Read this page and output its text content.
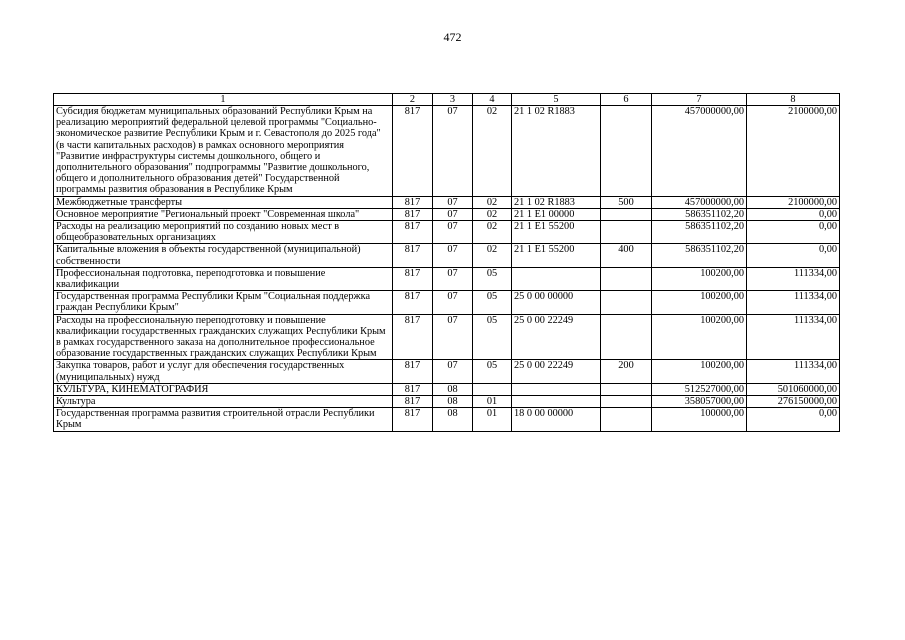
472
1	2	3	4	5	6	7	8
Субсидия бюджетам муниципальных образований Республики Крым на реализацию мероприятий федеральной целевой программы "Социально-экономическое развитие Республики Крым и г. Севастополя до 2025 года" (в части капитальных расходов) в рамках основного мероприятия "Развитие инфраструктуры системы дошкольного, общего и дополнительного образования" подпрограммы "Развитие дошкольного, общего и дополнительного образования детей" Государственной программы развития образования в Республике Крым	817	07	02	21 1 02 R1883		457000000,00	2100000,00
Межбюджетные трансферты	817	07	02	21 1 02 R1883	500	457000000,00	2100000,00
Основное мероприятие "Региональный проект "Современная школа"	817	07	02	21 1 E1 00000		586351102,20	0,00
Расходы на реализацию мероприятий по созданию новых мест в общеобразовательных организациях	817	07	02	21 1 E1 55200		586351102,20	0,00
Капитальные вложения в объекты государственной (муниципальной) собственности	817	07	02	21 1 E1 55200	400	586351102,20	0,00
Профессиональная подготовка, переподготовка и повышение квалификации	817	07	05			100200,00	111334,00
Государственная программа Республики Крым "Социальная поддержка граждан Республики Крым"	817	07	05	25 0 00 00000		100200,00	111334,00
Расходы на профессиональную переподготовку и повышение квалификации государственных гражданских служащих Республики Крым в рамках государственного заказа на дополнительное профессиональное образование государственных гражданских служащих Республики Крым	817	07	05	25 0 00 22249		100200,00	111334,00
Закупка товаров, работ и услуг для обеспечения государственных (муниципальных) нужд	817	07	05	25 0 00 22249	200	100200,00	111334,00
КУЛЬТУРА, КИНЕМАТОГРАФИЯ	817	08				512527000,00	501060000,00
Культура	817	08	01			358057000,00	276150000,00
Государственная программа развития строительной отрасли Республики Крым	817	08	01	18 0 00 00000		100000,00	0,00
